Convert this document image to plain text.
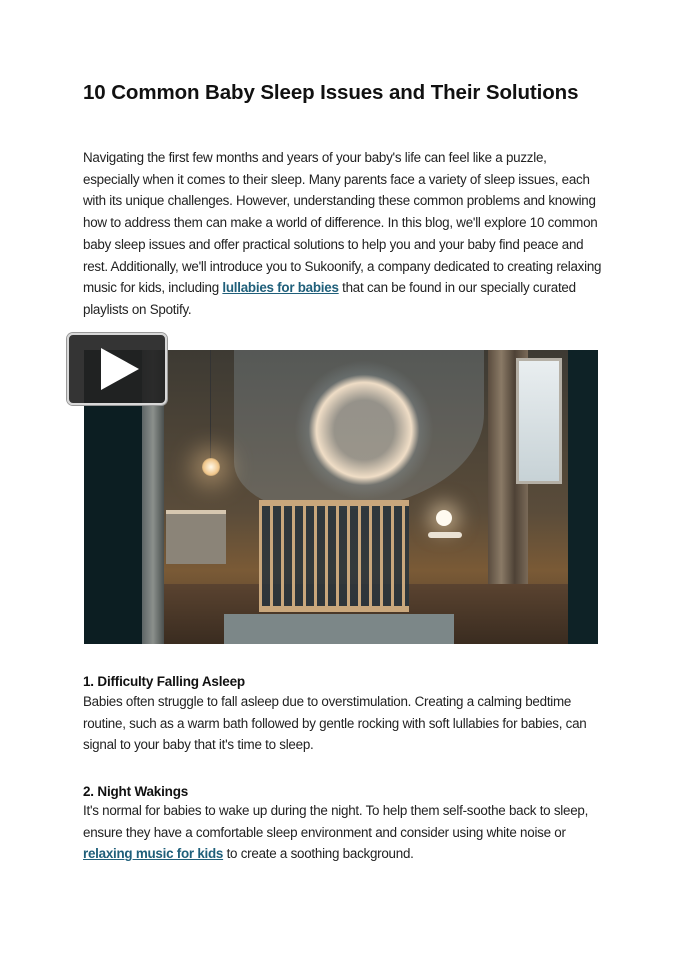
10 Common Baby Sleep Issues and Their Solutions

Navigating the first few months and years of your baby's life can feel like a puzzle, especially when it comes to their sleep. Many parents face a variety of sleep issues, each with its unique challenges. However, understanding these common problems and knowing how to address them can make a world of difference. In this blog, we'll explore 10 common baby sleep issues and offer practical solutions to help you and your baby find peace and rest. Additionally, we'll introduce you to Sukoonify, a company dedicated to creating relaxing music for kids, including lullabies for babies that can be found in our specially curated playlists on Spotify.

1. Difficulty Falling Asleep

Babies often struggle to fall asleep due to overstimulation. Creating a calming bedtime routine, such as a warm bath followed by gentle rocking with soft lullabies for babies, can signal to your baby that it's time to sleep.

2. Night Wakings

It's normal for babies to wake up during the night. To help them self-soothe back to sleep, ensure they have a comfortable sleep environment and consider using white noise or relaxing music for kids to create a soothing background.
